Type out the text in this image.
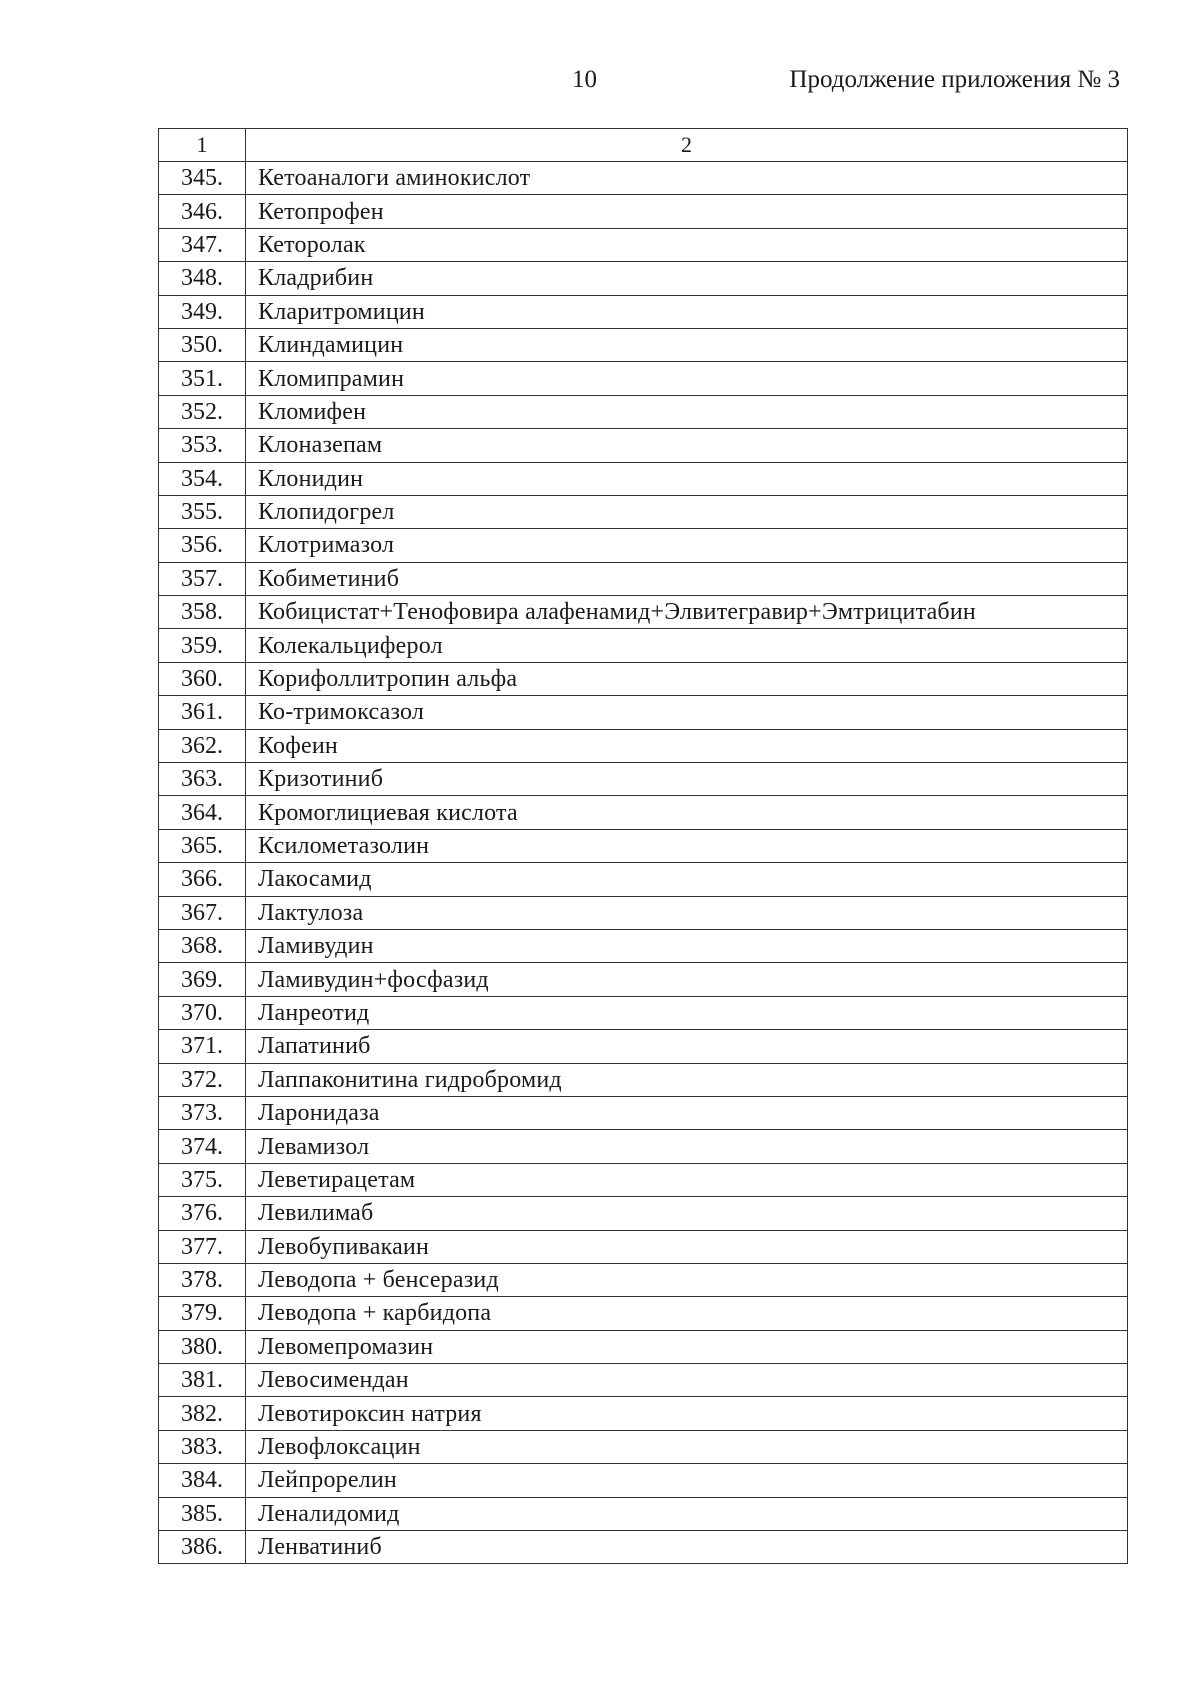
10	Продолжение приложения № 3
1	2
345.	Кетоаналоги аминокислот
346.	Кетопрофен
347.	Кеторолак
348.	Кладрибин
349.	Кларитромицин
350.	Клиндамицин
351.	Кломипрамин
352.	Кломифен
353.	Клоназепам
354.	Клонидин
355.	Клопидогрел
356.	Клотримазол
357.	Кобиметиниб
358.	Кобицистат+Тенофовира алафенамид+Элвитегравир+Эмтрицитабин
359.	Колекальциферол
360.	Корифоллитропин альфа
361.	Ко-тримоксазол
362.	Кофеин
363.	Кризотиниб
364.	Кромоглициевая кислота
365.	Ксилометазолин
366.	Лакосамид
367.	Лактулоза
368.	Ламивудин
369.	Ламивудин+фосфазид
370.	Ланреотид
371.	Лапатиниб
372.	Лаппаконитина гидробромид
373.	Ларонидаза
374.	Левамизол
375.	Леветирацетам
376.	Левилимаб
377.	Левобупивакаин
378.	Леводопа + бенсеразид
379.	Леводопа + карбидопа
380.	Левомепромазин
381.	Левосимендан
382.	Левотироксин натрия
383.	Левофлоксацин
384.	Лейпрорелин
385.	Леналидомид
386.	Ленватиниб
